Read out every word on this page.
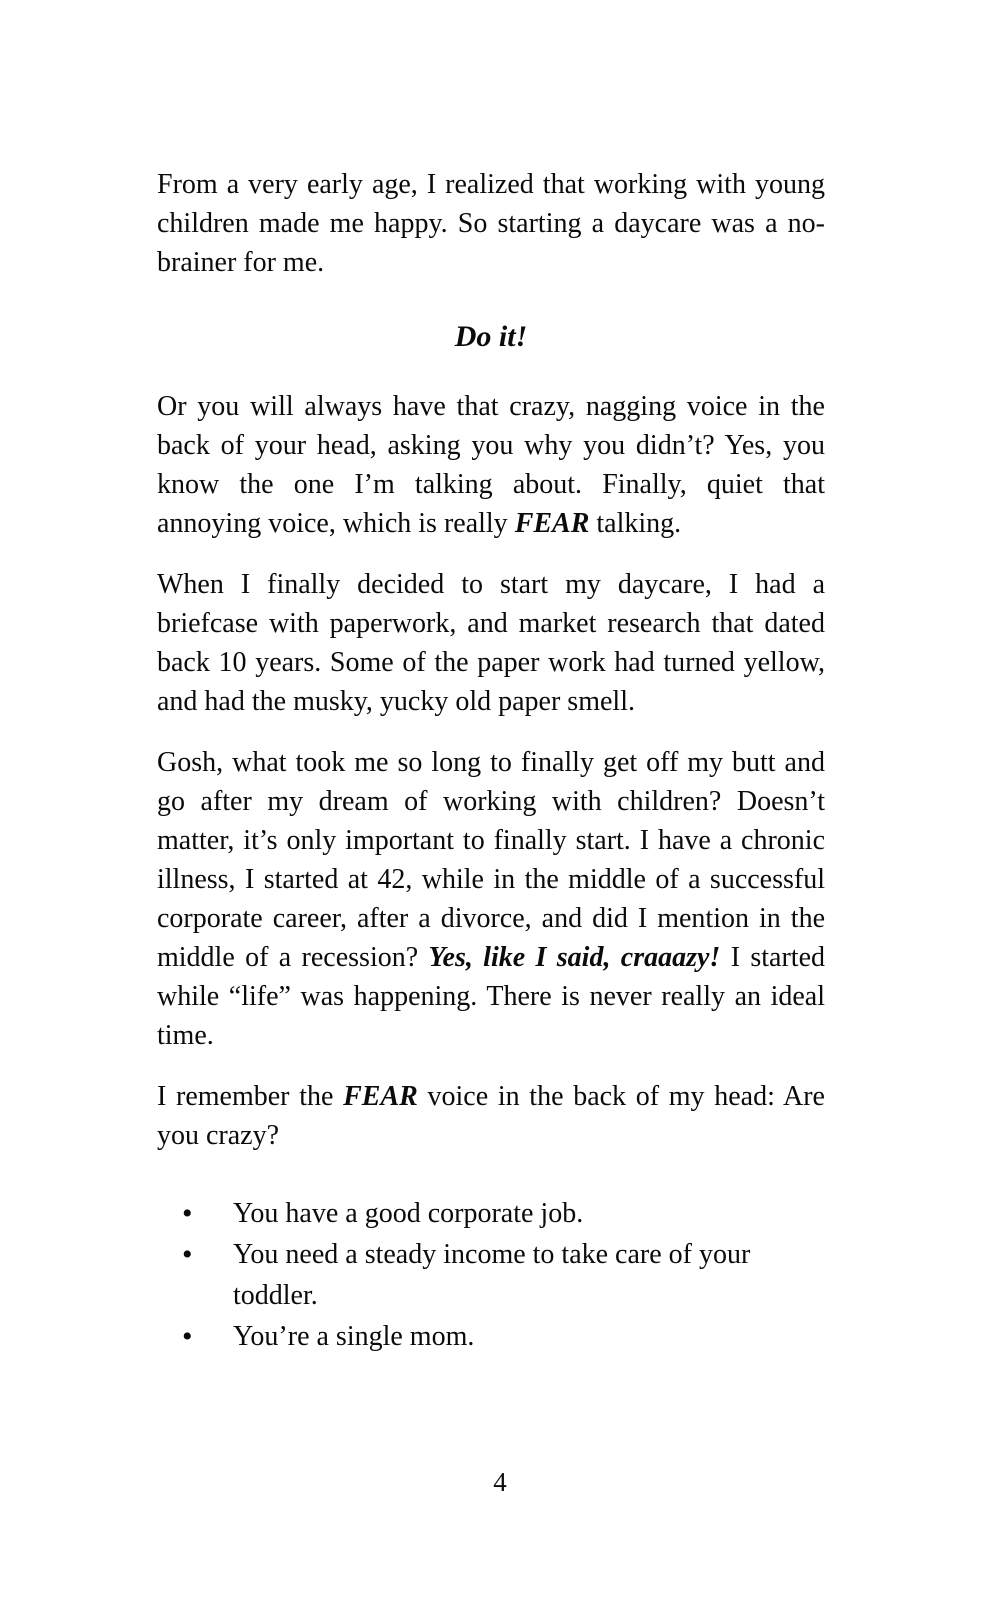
From a very early age, I realized that working with young children made me happy. So starting a daycare was a no-brainer for me.

Do it!

Or you will always have that crazy, nagging voice in the back of your head, asking you why you didn’t? Yes, you know the one I’m talking about. Finally, quiet that annoying voice, which is really FEAR talking.

When I finally decided to start my daycare, I had a briefcase with paperwork, and market research that dated back 10 years. Some of the paper work had turned yellow, and had the musky, yucky old paper smell.

Gosh, what took me so long to finally get off my butt and go after my dream of working with children? Doesn’t matter, it’s only important to finally start. I have a chronic illness, I started at 42, while in the middle of a successful corporate career, after a divorce, and did I mention in the middle of a recession? Yes, like I said, craaazy! I started while “life” was happening. There is never really an ideal time.

I remember the FEAR voice in the back of my head: Are you crazy?

• You have a good corporate job.
• You need a steady income to take care of your toddler.
• You’re a single mom.
4
